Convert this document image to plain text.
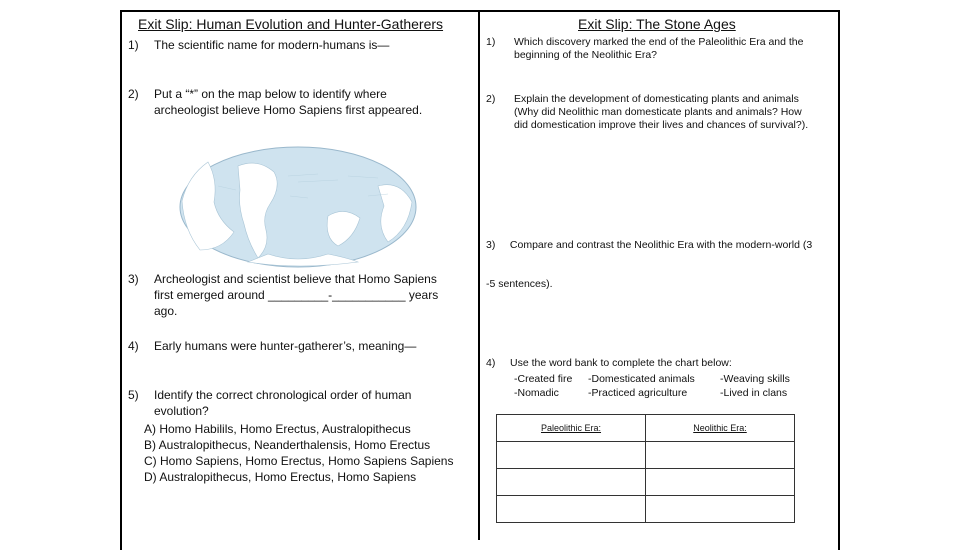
Exit Slip: Human Evolution and Hunter-Gatherers
1) The scientific name for modern-humans is—
2) Put a “*” on the map below to identify where
archeologist believe Homo Sapiens first appeared.
3) Archeologist and scientist believe that Homo Sapiens
first emerged around _________-___________ years
ago.
4) Early humans were hunter-gatherer’s, meaning—
5) Identify the correct chronological order of human
evolution?
A) Homo Habilils, Homo Erectus, Australopithecus
B) Australopithecus, Neanderthalensis, Homo Erectus
C) Homo Sapiens, Homo Erectus, Homo Sapiens Sapiens
D) Australopithecus, Homo Erectus, Homo Sapiens
Exit Slip: The Stone Ages
1) Which discovery marked the end of the Paleolithic Era and the
beginning of the Neolithic Era?
2) Explain the development of domesticating plants and animals
(Why did Neolithic man domesticate plants and animals? How
did domestication improve their lives and chances of survival?).

3)     Compare and contrast the Neolithic Era with the modern-world (3

-5 sentences).

4) Use the word bank to complete the chart below:
-Created fire -Domesticated animals -Weaving skills
-Nomadic	-Practiced agriculture	-Lived in clans
Paleolithic Era:	Neolithic Era:
